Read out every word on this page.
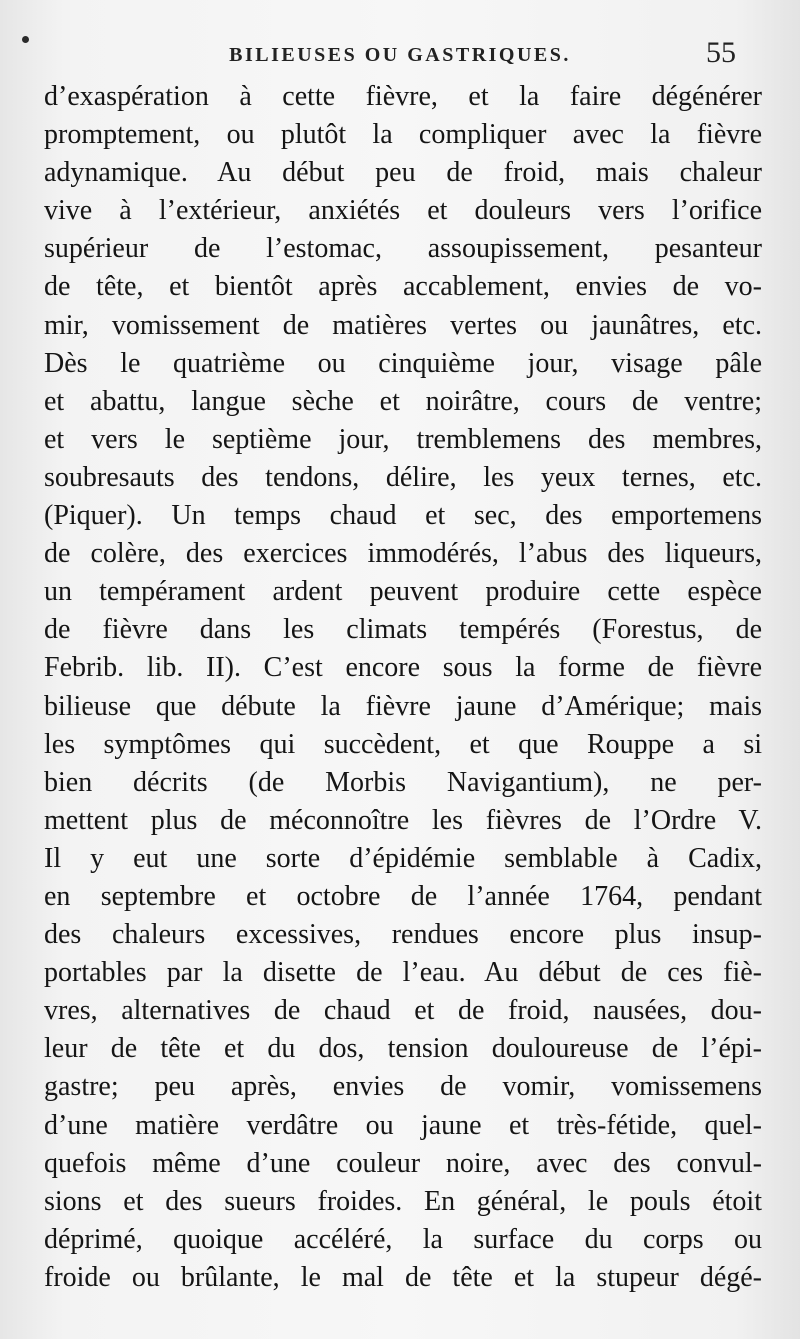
BILIEUSES OU GASTRIQUES.	55
d’exaspération à cette fièvre, et la faire dégénérer
promptement, ou plutôt la compliquer avec la fièvre
adynamique. Au début peu de froid, mais chaleur
vive à l’extérieur, anxiétés et douleurs vers l’orifice
supérieur de l’estomac, assoupissement, pesanteur
de tête, et bientôt après accablement, envies de vo-
mir, vomissement de matières vertes ou jaunâtres, etc.
Dès le quatrième ou cinquième jour, visage pâle
et abattu, langue sèche et noirâtre, cours de ventre;
et vers le septième jour, tremblemens des membres,
soubresauts des tendons, délire, les yeux ternes, etc.
(Piquer). Un temps chaud et sec, des emportemens
de colère, des exercices immodérés, l’abus des liqueurs,
un tempérament ardent peuvent produire cette espèce
de fièvre dans les climats tempérés (Forestus, de
Febrib. lib. II). C’est encore sous la forme de fièvre
bilieuse que débute la fièvre jaune d’Amérique; mais
les symptômes qui succèdent, et que Rouppe a si
bien décrits (de Morbis Navigantium), ne per-
mettent plus de méconnoître les fièvres de l’Ordre V.
Il y eut une sorte d’épidémie semblable à Cadix,
en septembre et octobre de l’année 1764, pendant
des chaleurs excessives, rendues encore plus insup-
portables par la disette de l’eau. Au début de ces fiè-
vres, alternatives de chaud et de froid, nausées, dou-
leur de tête et du dos, tension douloureuse de l’épi-
gastre; peu après, envies de vomir, vomissemens
d’une matière verdâtre ou jaune et très-fétide, quel-
quefois même d’une couleur noire, avec des convul-
sions et des sueurs froides. En général, le pouls étoit
déprimé, quoique accéléré, la surface du corps ou
froide ou brûlante, le mal de tête et la stupeur dégé-
